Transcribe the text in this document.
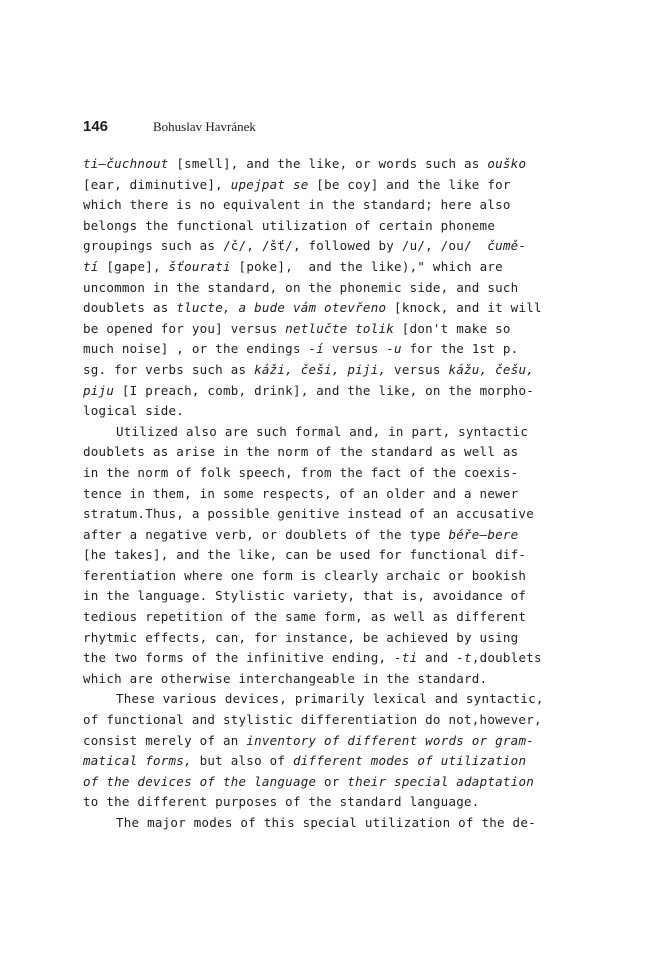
146	Bohuslav Havránek
ti—čuchnout [smell], and the like, or words such as ouško
[ear, diminutive], upejpat se [be coy] and the like for
which there is no equivalent in the standard; here also
belongs the functional utilization of certain phoneme
groupings such as /č/, /šť/, followed by /u/, /ou/  čumě-
tí [gape], šťourati [poke],  and the like)," which are
uncommon in the standard, on the phonemic side, and such
doublets as tlucte, a bude vám otevřeno [knock, and it will
be opened for you] versus netlučte tolik [don't make so
much noise] , or the endings -í versus -u for the 1st p.
sg. for verbs such as káži, češi, piji, versus kážu, češu,
piju [I preach, comb, drink], and the like, on the morpho-
logical side.
Utilized also are such formal and, in part, syntactic
doublets as arise in the norm of the standard as well as
in the norm of folk speech, from the fact of the coexis-
tence in them, in some respects, of an older and a newer
stratum.Thus, a possible genitive instead of an accusative
after a negative verb, or doublets of the type béře—bere
[he takes], and the like, can be used for functional dif-
ferentiation where one form is clearly archaic or bookish
in the language. Stylistic variety, that is, avoidance of
tedious repetition of the same form, as well as different
rhytmic effects, can, for instance, be achieved by using
the two forms of the infinitive ending, -ti and -t,doublets
which are otherwise interchangeable in the standard.
These various devices, primarily lexical and syntactic,
of functional and stylistic differentiation do not,however,
consist merely of an inventory of different words or gram-
matical forms, but also of different modes of utilization
of the devices of the language or their special adaptation
to the different purposes of the standard language.
The major modes of this special utilization of the de-
